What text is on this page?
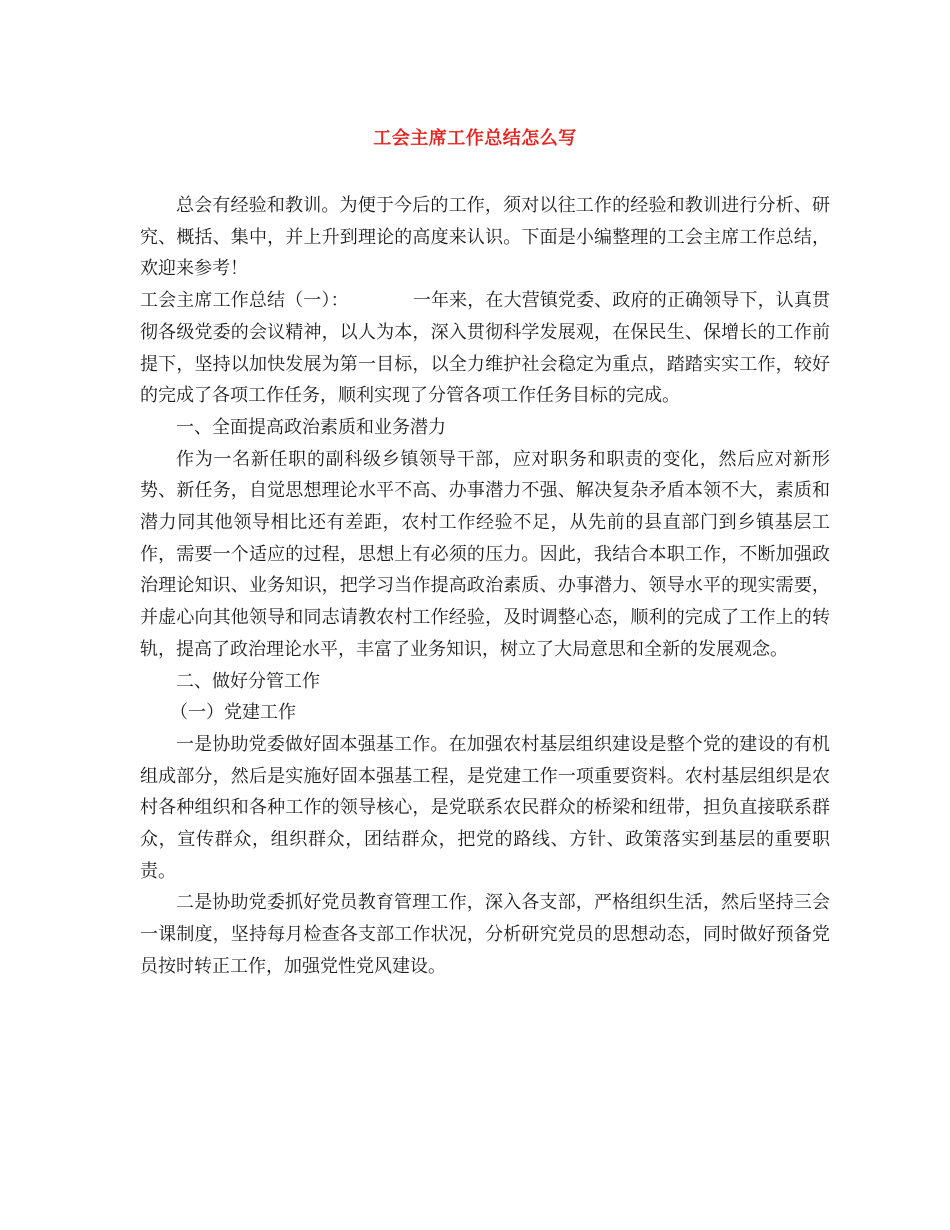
工会主席工作总结怎么写

总会有经验和教训。为便于今后的工作，须对以往工作的经验和教训进行分析、研究、概括、集中，并上升到理论的高度来认识。下面是小编整理的工会主席工作总结，欢迎来参考！

工会主席工作总结（一）：	一年来，在大营镇党委、政府的正确领导下，认真贯彻各级党委的会议精神，以人为本，深入贯彻科学发展观，在保民生、保增长的工作前提下，坚持以加快发展为第一目标，以全力维护社会稳定为重点，踏踏实实工作，较好的完成了各项工作任务，顺利实现了分管各项工作任务目标的完成。

一、全面提高政治素质和业务潜力

作为一名新任职的副科级乡镇领导干部，应对职务和职责的变化，然后应对新形势、新任务，自觉思想理论水平不高、办事潜力不强、解决复杂矛盾本领不大，素质和潜力同其他领导相比还有差距，农村工作经验不足，从先前的县直部门到乡镇基层工作，需要一个适应的过程，思想上有必须的压力。因此，我结合本职工作，不断加强政治理论知识、业务知识，把学习当作提高政治素质、办事潜力、领导水平的现实需要，并虚心向其他领导和同志请教农村工作经验，及时调整心态，顺利的完成了工作上的转轨，提高了政治理论水平，丰富了业务知识，树立了大局意思和全新的发展观念。

二、做好分管工作

（一）党建工作

一是协助党委做好固本强基工作。在加强农村基层组织建设是整个党的建设的有机组成部分，然后是实施好固本强基工程，是党建工作一项重要资料。农村基层组织是农村各种组织和各种工作的领导核心，是党联系农民群众的桥梁和纽带，担负直接联系群众，宣传群众，组织群众，团结群众，把党的路线、方针、政策落实到基层的重要职责。

二是协助党委抓好党员教育管理工作，深入各支部，严格组织生活，然后坚持三会一课制度，坚持每月检查各支部工作状况，分析研究党员的思想动态，同时做好预备党员按时转正工作，加强党性党风建设。
